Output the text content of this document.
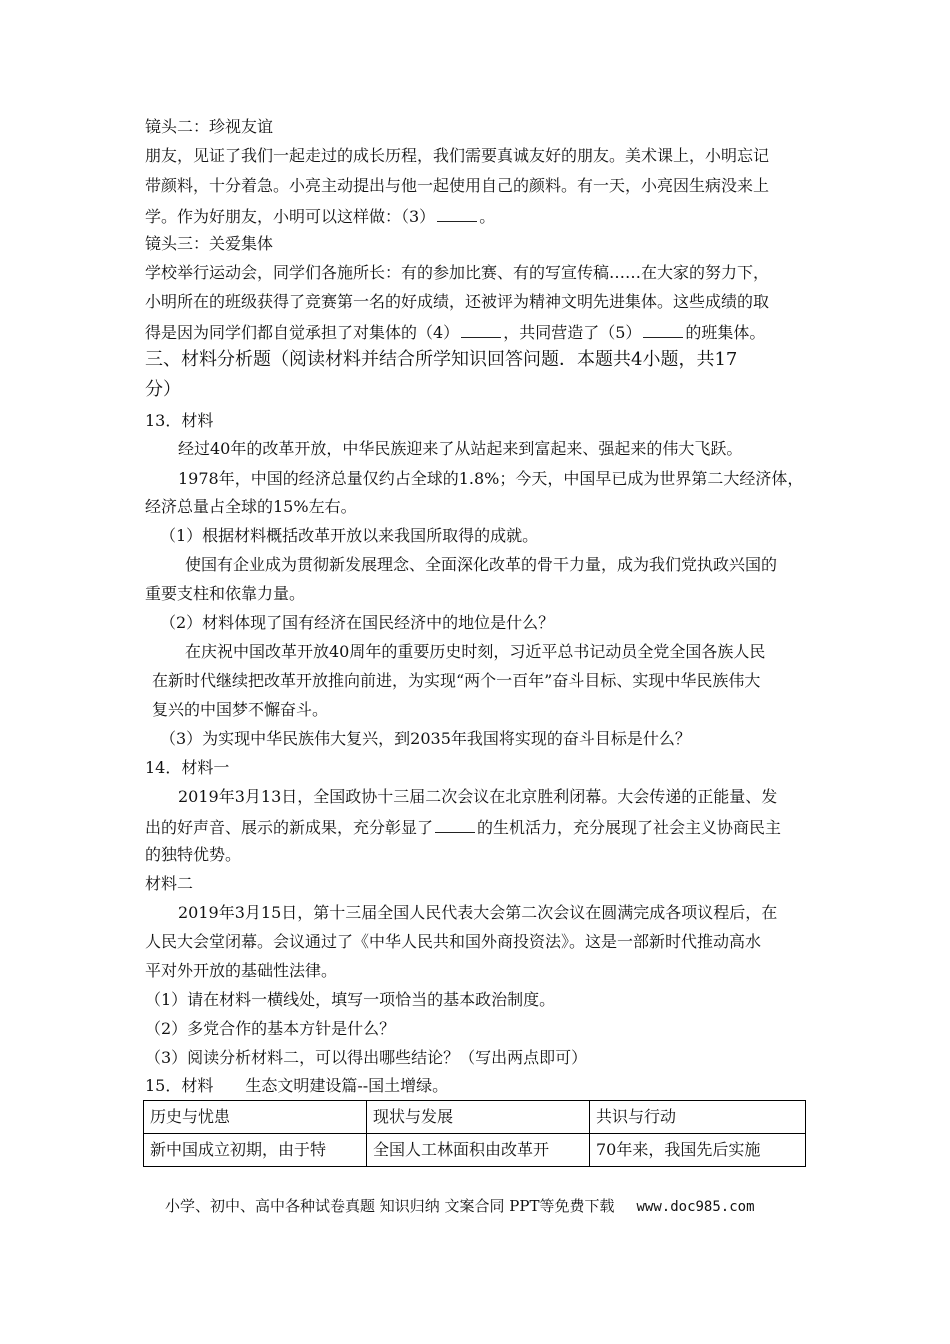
镜头二：珍视友谊
朋友，见证了我们一起走过的成长历程，我们需要真诚友好的朋友。美术课上，小明忘记
带颜料，十分着急。小亮主动提出与他一起使用自己的颜料。有一天，小亮因生病没来上
学。作为好朋友，小明可以这样做：（3）	。
镜头三：关爱集体
学校举行运动会，同学们各施所长：有的参加比赛、有的写宣传稿……在大家的努力下，
小明所在的班级获得了竞赛第一名的好成绩，还被评为精神文明先进集体。这些成绩的取
得是因为同学们都自觉承担了对集体的（4）	，共同营造了（5）	的班集体。
三、材料分析题（阅读材料并结合所学知识回答问题．本题共4小题，共17
分）
13．材料
经过40年的改革开放，中华民族迎来了从站起来到富起来、强起来的伟大飞跃。
1978年，中国的经济总量仅约占全球的1.8%；今天，中国早已成为世界第二大经济体，
经济总量占全球的15%左右。
（1）根据材料概括改革开放以来我国所取得的成就。
使国有企业成为贯彻新发展理念、全面深化改革的骨干力量，成为我们党执政兴国的
重要支柱和依靠力量。
（2）材料体现了国有经济在国民经济中的地位是什么？
在庆祝中国改革开放40周年的重要历史时刻，习近平总书记动员全党全国各族人民
在新时代继续把改革开放推向前进，为实现“两个一百年”奋斗目标、实现中华民族伟大
复兴的中国梦不懈奋斗。
（3）为实现中华民族伟大复兴，到2035年我国将实现的奋斗目标是什么？
14．材料一
2019年3月13日，全国政协十三届二次会议在北京胜利闭幕。大会传递的正能量、发
出的好声音、展示的新成果，充分彰显了	的生机活力，充分展现了社会主义协商民主
的独特优势。
材料二
2019年3月15日，第十三届全国人民代表大会第二次会议在圆满完成各项议程后，在
人民大会堂闭幕。会议通过了《中华人民共和国外商投资法》。这是一部新时代推动高水
平对外开放的基础性法律。
（1）请在材料一横线处，填写一项恰当的基本政治制度。
（2）多党合作的基本方针是什么？
（3）阅读分析材料二，可以得出哪些结论？（写出两点即可）
15．材料　　生态文明建设篇--国土增绿。
历史与忧患	现状与发展	共识与行动
新中国成立初期，由于特	全国人工林面积由改革开	70年来，我国先后实施
小学、初中、高中各种试卷真题 知识归纳 文案合同 PPT等免费下载 www.doc985.com
